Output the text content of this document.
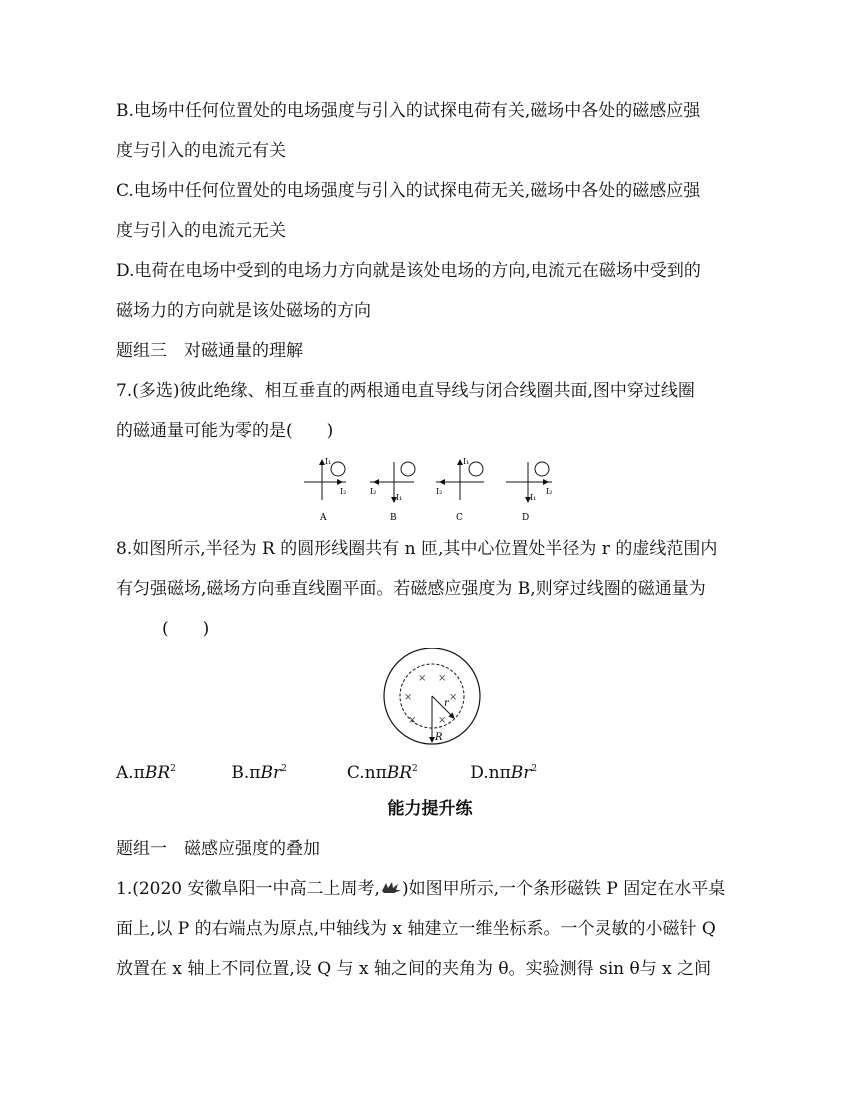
B.电场中任何位置处的电场强度与引入的试探电荷有关,磁场中各处的磁感应强
度与引入的电流元有关
C.电场中任何位置处的电场强度与引入的试探电荷无关,磁场中各处的磁感应强
度与引入的电流元无关
D.电荷在电场中受到的电场力方向就是该处电场的方向,电流元在磁场中受到的
磁场力的方向就是该处磁场的方向
题组三　对磁通量的理解
7.(多选)彼此绝缘、相互垂直的两根通电直导线与闭合线圈共面,图中穿过线圈
的磁通量可能为零的是(　　)
I₁
I₂
A
I₁
I₂
B
I₁
I₂
C
I₁
I₂
D
8.如图所示,半径为 R 的圆形线圈共有 n 匝,其中心位置处半径为 r 的虚线范围内
有匀强磁场,磁场方向垂直线圈平面。若磁感应强度为 B,则穿过线圈的磁通量为
(　　)
× ×
×	×
× ×
R
r
A.πBR$^2$	B.πBr$^2$	C.nπBR$^2$	D.nπBr$^2$
能力提升练
题组一　磁感应强度的叠加
1.(2020 安徽阜阳一中高二上周考, )如图甲所示,一个条形磁铁 P 固定在水平桌
面上,以 P 的右端点为原点,中轴线为 x 轴建立一维坐标系。一个灵敏的小磁针 Q
放置在 x 轴上不同位置,设 Q 与 x 轴之间的夹角为 θ。实验测得 sin θ与 x 之间
